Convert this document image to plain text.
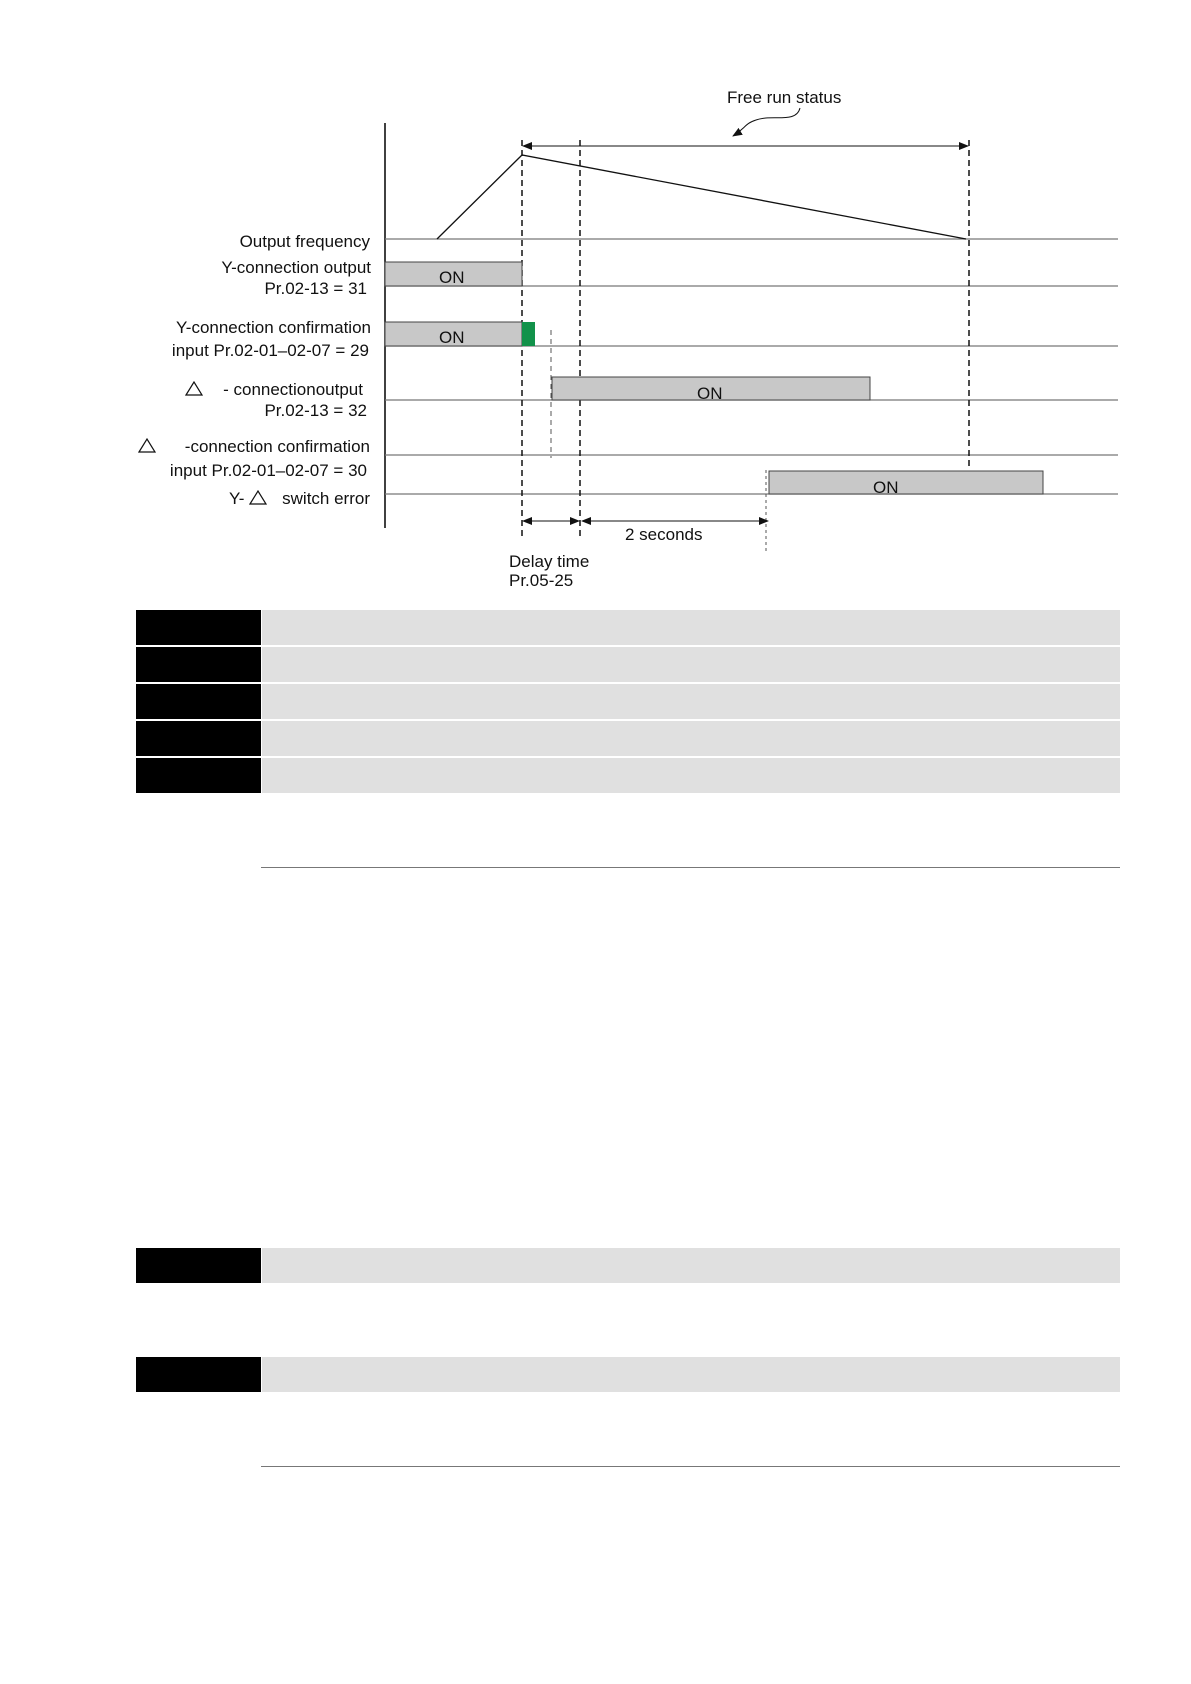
Free run status
ON
ON
ON
ON
2 seconds
Delay time
Pr.05-25
Output frequency
Y-connection output
Pr.02-13 = 31
Y-connection confirmation
input Pr.02-01–02-07 = 29
- connectionoutput
Pr.02-13 = 32
-connection confirmation
input Pr.02-01–02-07 = 30
switch error
Y-
